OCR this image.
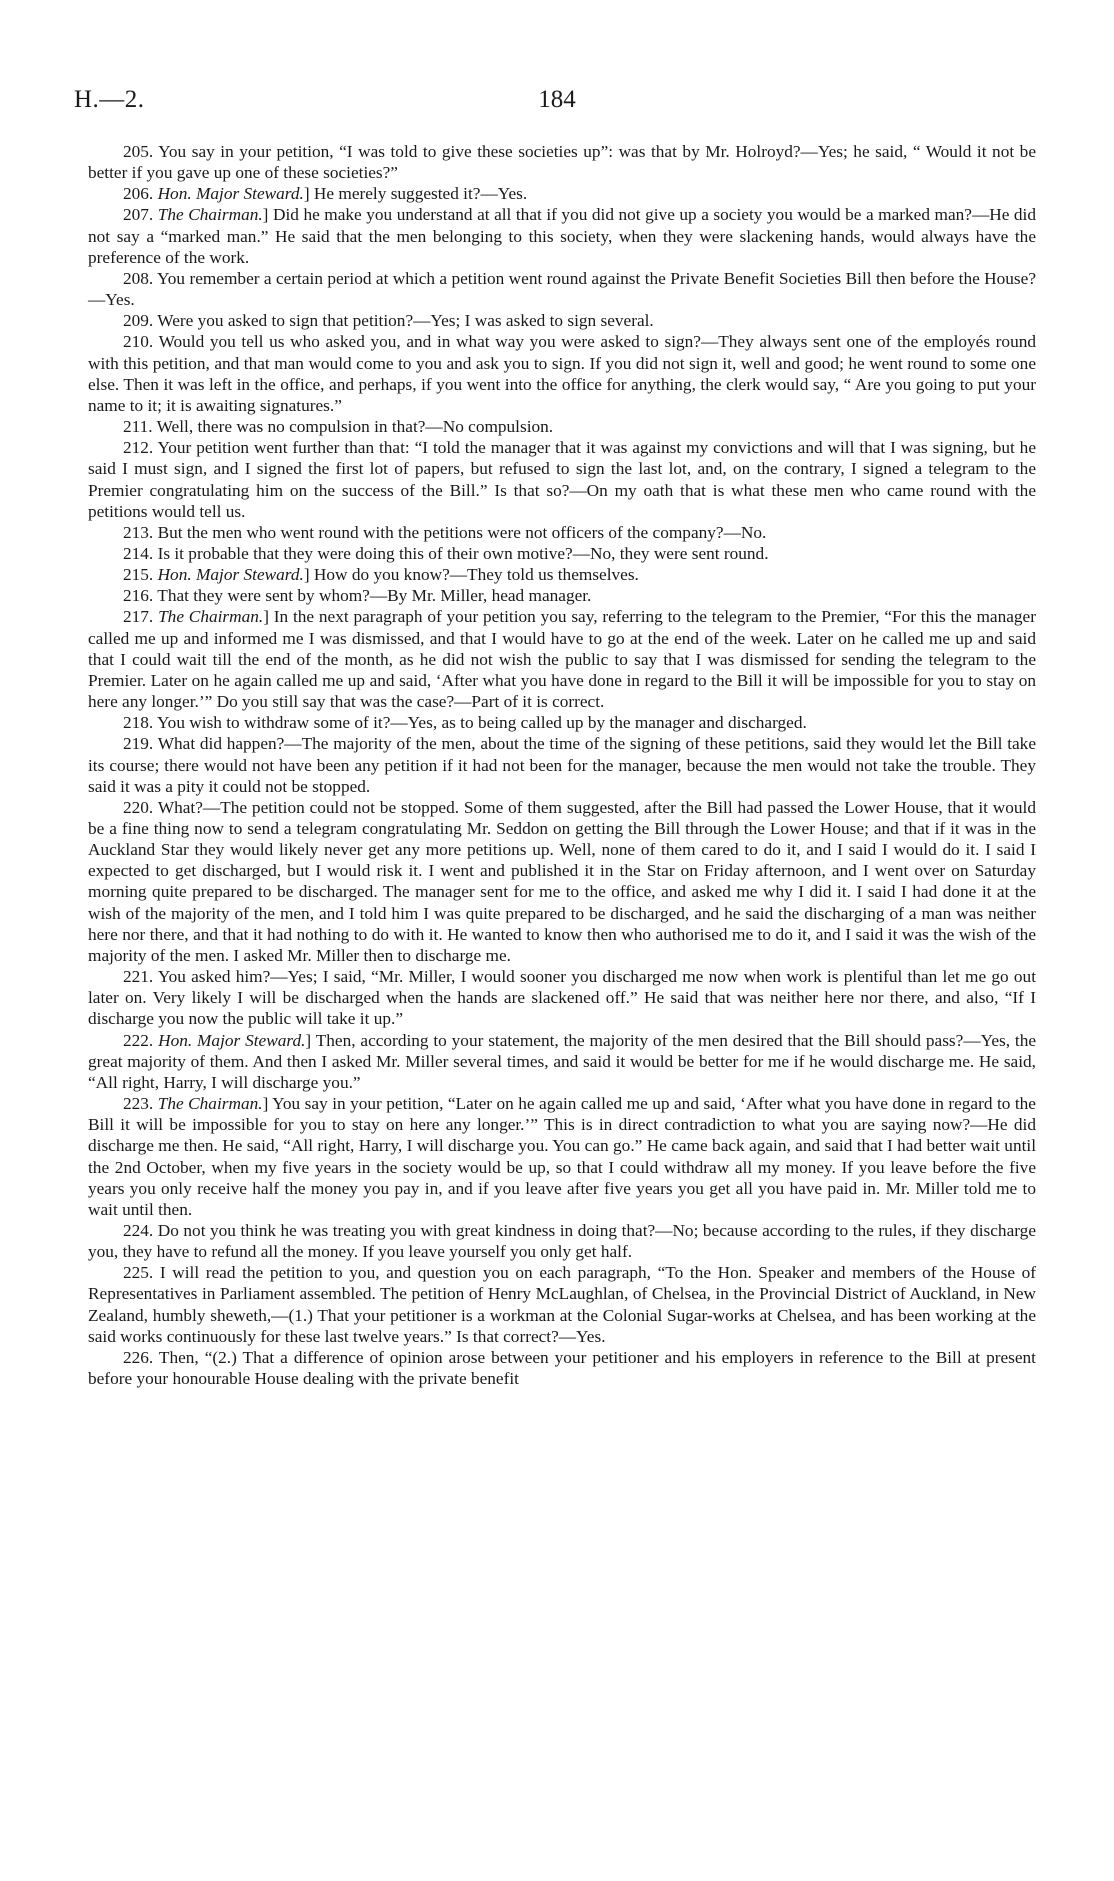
H.—2.	184

205. You say in your petition, “I was told to give these societies up”: was that by Mr. Holroyd?—Yes; he said, “ Would it not be better if you gave up one of these societies?”

206. Hon. Major Steward.] He merely suggested it?—Yes.

207. The Chairman.] Did he make you understand at all that if you did not give up a society you would be a marked man?—He did not say a “marked man.” He said that the men belonging to this society, when they were slackening hands, would always have the preference of the work.

208. You remember a certain period at which a petition went round against the Private Benefit Societies Bill then before the House?—Yes.

209. Were you asked to sign that petition?—Yes; I was asked to sign several.

210. Would you tell us who asked you, and in what way you were asked to sign?—They always sent one of the employés round with this petition, and that man would come to you and ask you to sign. If you did not sign it, well and good; he went round to some one else. Then it was left in the office, and perhaps, if you went into the office for anything, the clerk would say, “ Are you going to put your name to it; it is awaiting signatures.”

211. Well, there was no compulsion in that?—No compulsion.

212. Your petition went further than that: “I told the manager that it was against my convictions and will that I was signing, but he said I must sign, and I signed the first lot of papers, but refused to sign the last lot, and, on the contrary, I signed a telegram to the Premier congratulating him on the success of the Bill.” Is that so?—On my oath that is what these men who came round with the petitions would tell us.

213. But the men who went round with the petitions were not officers of the company?—No.

214. Is it probable that they were doing this of their own motive?—No, they were sent round.

215. Hon. Major Steward.] How do you know?—They told us themselves.

216. That they were sent by whom?—By Mr. Miller, head manager.

217. The Chairman.] In the next paragraph of your petition you say, referring to the telegram to the Premier, “For this the manager called me up and informed me I was dismissed, and that I would have to go at the end of the week. Later on he called me up and said that I could wait till the end of the month, as he did not wish the public to say that I was dismissed for sending the telegram to the Premier. Later on he again called me up and said, ‘After what you have done in regard to the Bill it will be impossible for you to stay on here any longer.’” Do you still say that was the case?—Part of it is correct.

218. You wish to withdraw some of it?—Yes, as to being called up by the manager and discharged.

219. What did happen?—The majority of the men, about the time of the signing of these petitions, said they would let the Bill take its course; there would not have been any petition if it had not been for the manager, because the men would not take the trouble. They said it was a pity it could not be stopped.

220. What?—The petition could not be stopped. Some of them suggested, after the Bill had passed the Lower House, that it would be a fine thing now to send a telegram congratulating Mr. Seddon on getting the Bill through the Lower House; and that if it was in the Auckland Star they would likely never get any more petitions up. Well, none of them cared to do it, and I said I would do it. I said I expected to get discharged, but I would risk it. I went and published it in the Star on Friday afternoon, and I went over on Saturday morning quite prepared to be discharged. The manager sent for me to the office, and asked me why I did it. I said I had done it at the wish of the majority of the men, and I told him I was quite prepared to be discharged, and he said the discharging of a man was neither here nor there, and that it had nothing to do with it. He wanted to know then who authorised me to do it, and I said it was the wish of the majority of the men. I asked Mr. Miller then to discharge me.

221. You asked him?—Yes; I said, “Mr. Miller, I would sooner you discharged me now when work is plentiful than let me go out later on. Very likely I will be discharged when the hands are slackened off.” He said that was neither here nor there, and also, “If I discharge you now the public will take it up.”

222. Hon. Major Steward.] Then, according to your statement, the majority of the men desired that the Bill should pass?—Yes, the great majority of them. And then I asked Mr. Miller several times, and said it would be better for me if he would discharge me. He said, “All right, Harry, I will discharge you.”

223. The Chairman.] You say in your petition, “Later on he again called me up and said, ‘After what you have done in regard to the Bill it will be impossible for you to stay on here any longer.’” This is in direct contradiction to what you are saying now?—He did discharge me then. He said, “All right, Harry, I will discharge you. You can go.” He came back again, and said that I had better wait until the 2nd October, when my five years in the society would be up, so that I could withdraw all my money. If you leave before the five years you only receive half the money you pay in, and if you leave after five years you get all you have paid in. Mr. Miller told me to wait until then.

224. Do not you think he was treating you with great kindness in doing that?—No; because according to the rules, if they discharge you, they have to refund all the money. If you leave yourself you only get half.

225. I will read the petition to you, and question you on each paragraph, “To the Hon. Speaker and members of the House of Representatives in Parliament assembled. The petition of Henry McLaughlan, of Chelsea, in the Provincial District of Auckland, in New Zealand, humbly sheweth,—(1.) That your petitioner is a workman at the Colonial Sugar-works at Chelsea, and has been working at the said works continuously for these last twelve years.” Is that correct?—Yes.

226. Then, “(2.) That a difference of opinion arose between your petitioner and his employers in reference to the Bill at present before your honourable House dealing with the private benefit
